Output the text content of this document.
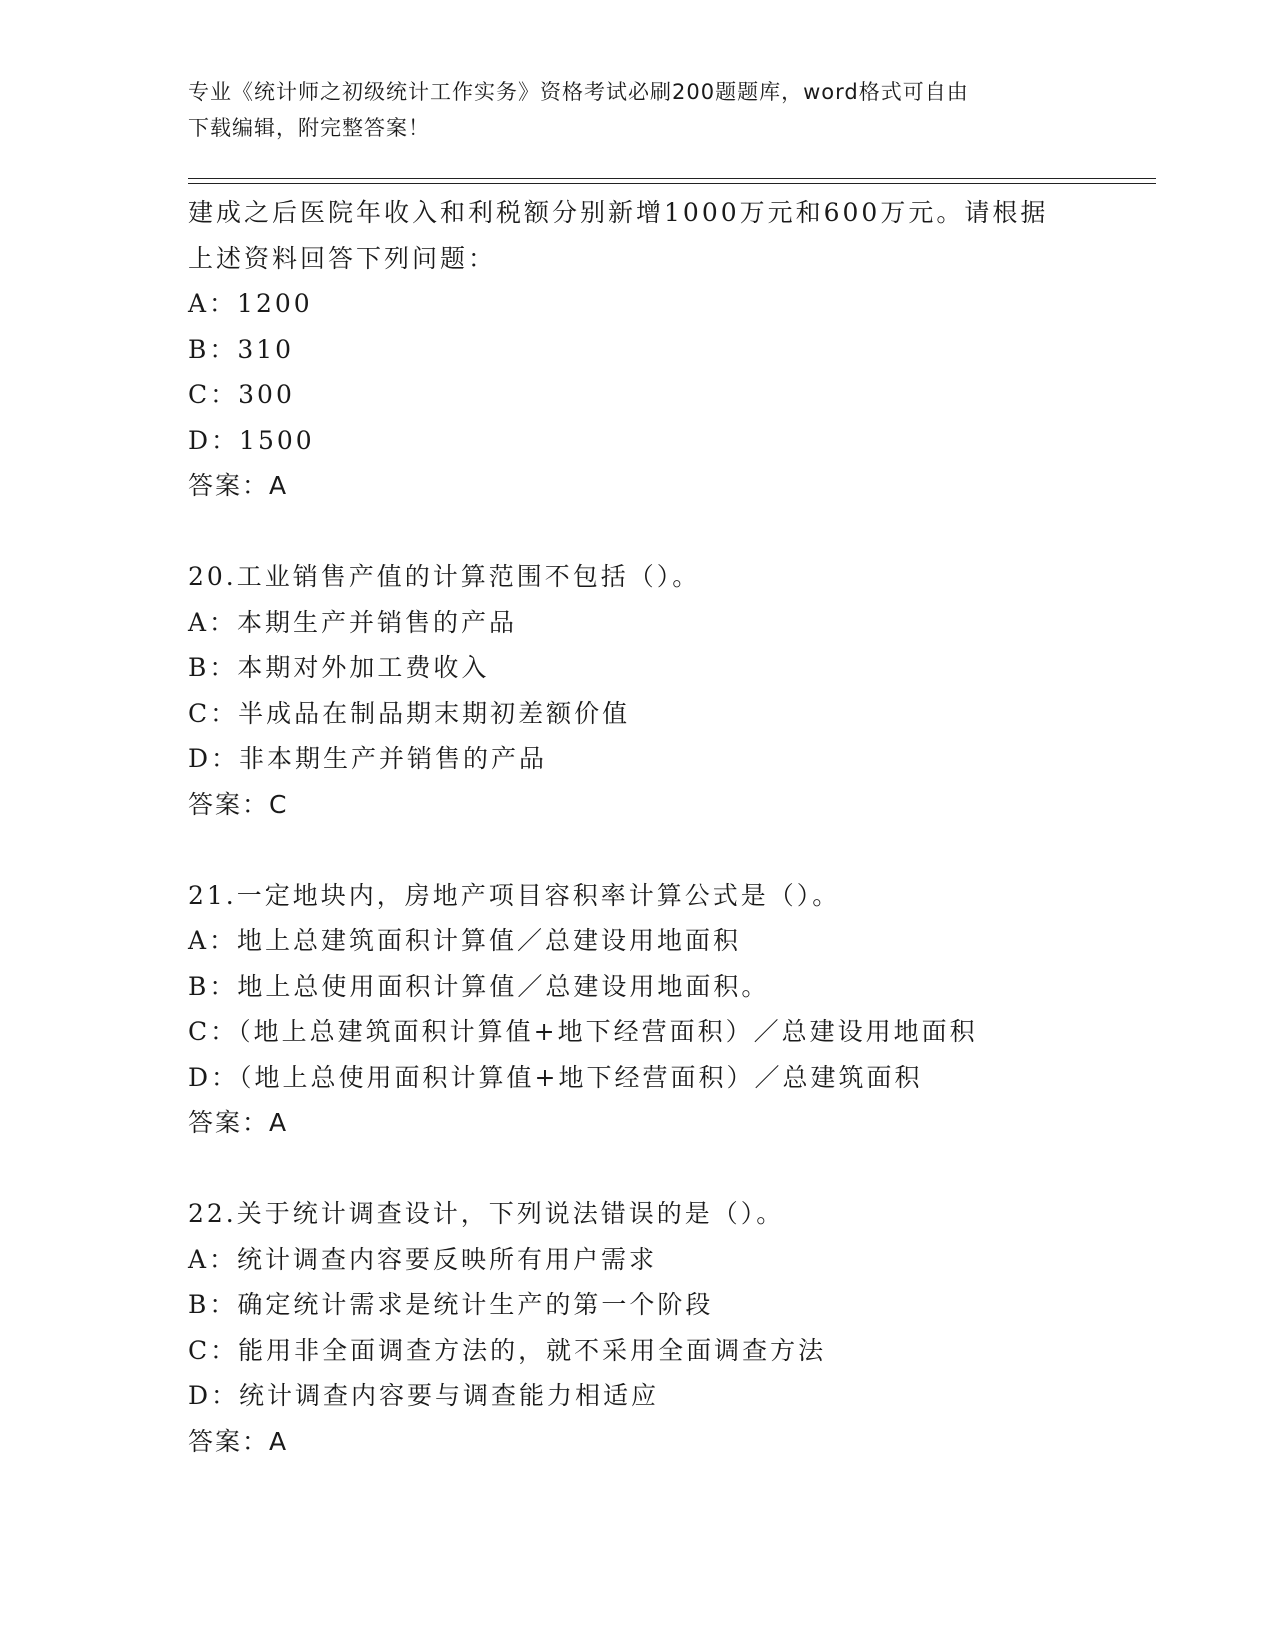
专业《统计师之初级统计工作实务》资格考试必刷200题题库，word格式可自由
下载编辑，附完整答案！
建成之后医院年收入和利税额分别新增1000万元和600万元。请根据
上述资料回答下列问题：
A：1200
B：310
C：300
D：1500
答案：A
20.工业销售产值的计算范围不包括（）。
A：本期生产并销售的产品
B：本期对外加工费收入
C：半成品在制品期末期初差额价值
D：非本期生产并销售的产品
答案：C
21.一定地块内，房地产项目容积率计算公式是（）。
A：地上总建筑面积计算值／总建设用地面积
B：地上总使用面积计算值／总建设用地面积。
C：（地上总建筑面积计算值+地下经营面积）／总建设用地面积
D：（地上总使用面积计算值+地下经营面积）／总建筑面积
答案：A
22.关于统计调查设计，下列说法错误的是（）。
A：统计调查内容要反映所有用户需求
B：确定统计需求是统计生产的第一个阶段
C：能用非全面调查方法的，就不采用全面调查方法
D：统计调查内容要与调查能力相适应
答案：A
